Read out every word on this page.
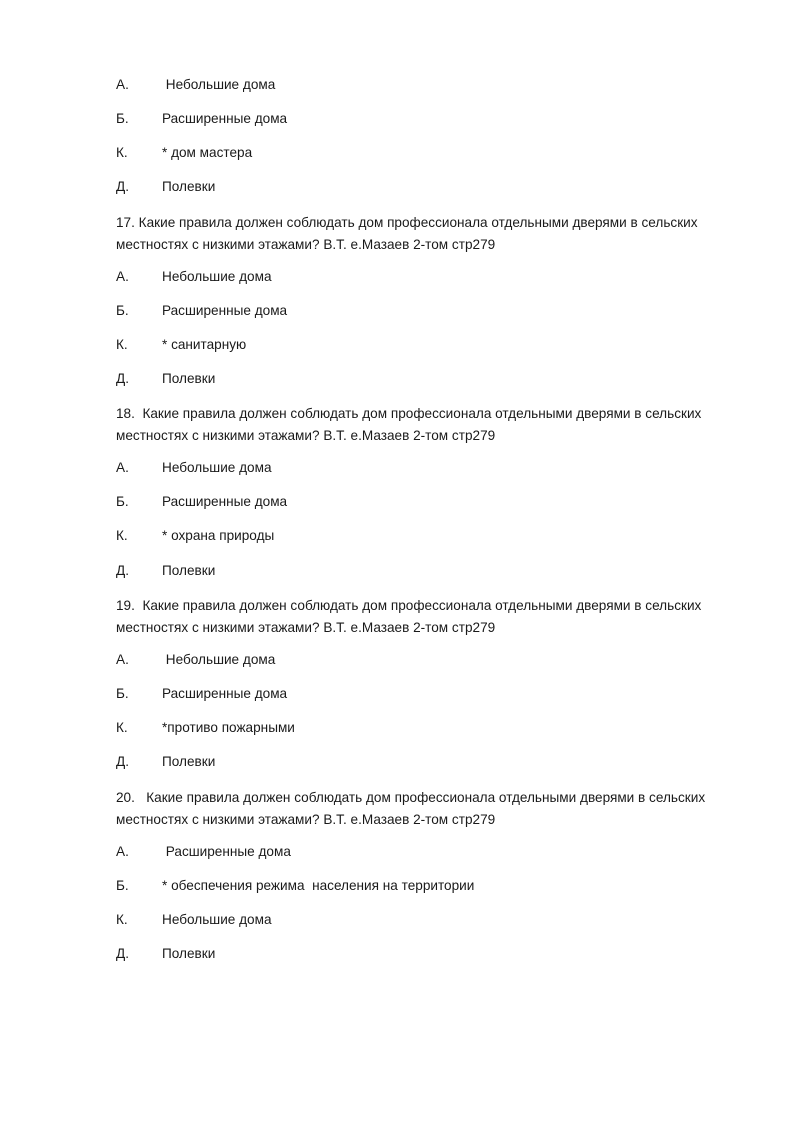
А. Небольшие дома
Б. Расширенные дома
К.	* дом мастера
Д. Полевки
17. Какие правила должен соблюдать дом профессионала отдельными дверями в сельских
местностях с низкими этажами? В.Т. е.Мазаев 2-том стр279
А. Небольшие дома
Б. Расширенные дома
К.	* санитарную
Д. Полевки
18.  Какие правила должен соблюдать дом профессионала отдельными дверями в сельских
местностях с низкими этажами? В.Т. е.Мазаев 2-том стр279
А. Небольшие дома
Б. Расширенные дома
К.	* охрана природы
Д. Полевки
19.  Какие правила должен соблюдать дом профессионала отдельными дверями в сельских
местностях с низкими этажами? В.Т. е.Мазаев 2-том стр279
А. Небольшие дома
Б. Расширенные дома
К.	*противо пожарными
Д. Полевки
20.   Какие правила должен соблюдать дом профессионала отдельными дверями в сельских
местностях с низкими этажами? В.Т. е.Мазаев 2-том стр279
А. Расширенные дома
Б. * обеспечения режима  населения на территории
К.	Небольшие дома
Д. Полевки
